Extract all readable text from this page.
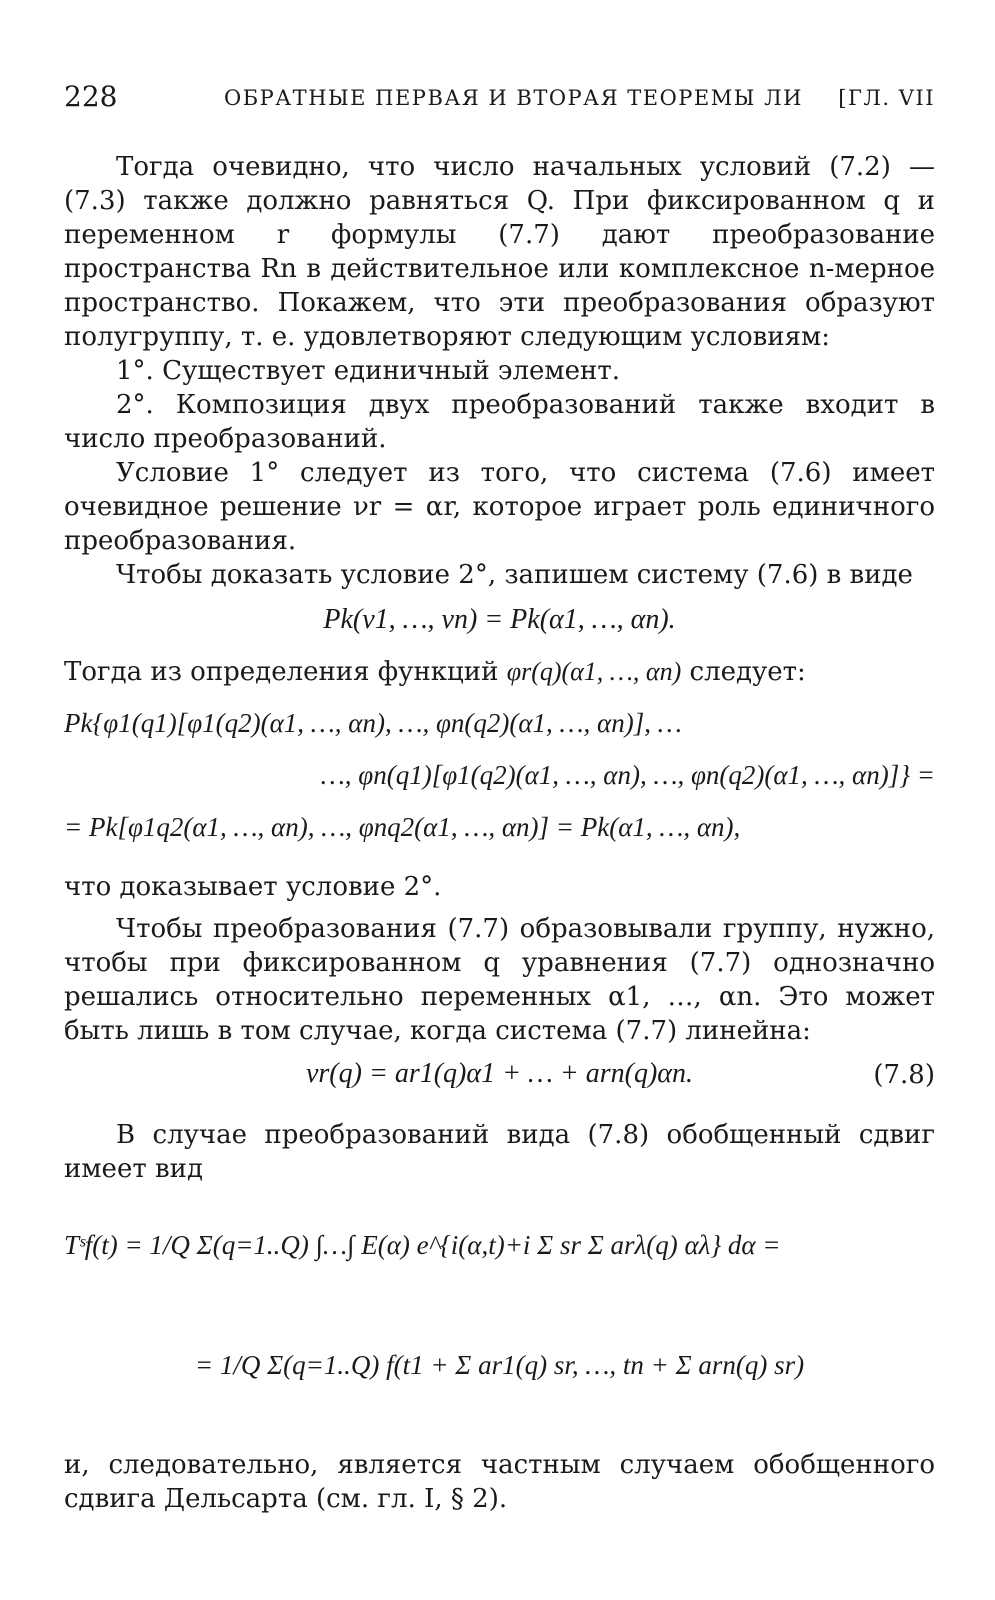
228	ОБРАТНЫЕ ПЕРВАЯ И ВТОРАЯ ТЕОРЕМЫ ЛИ [ГЛ. VII

Тогда очевидно, что число начальных условий (7.2) — (7.3) также должно равняться Q. При фиксированном q и переменном r формулы (7.7) дают преобразование пространства Rn в действительное или комплексное n-мерное пространство. Покажем, что эти преобразования образуют полугруппу, т. е. удовлетворяют следующим условиям:

1°. Существует единичный элемент.

2°. Композиция двух преобразований также входит в число преобразований.

Условие 1° следует из того, что система (7.6) имеет очевидное решение νr = αr, которое играет роль единичного преобразования.

Чтобы доказать условие 2°, запишем систему (7.6) в виде

Pk(ν1, …, νn) = Pk(α1, …, αn).

Тогда из определения функций φr(q)(α1, …, αn) следует:

Pk{φ1(q1)[φ1(q2)(α1, …, αn), …, φn(q2)(α1, …, αn)], …
…, φn(q1)[φ1(q2)(α1, …, αn), …, φn(q2)(α1, …, αn)]} =
= Pk[φ1q2(α1, …, αn), …, φnq2(α1, …, αn)] = Pk(α1, …, αn),

что доказывает условие 2°.

Чтобы преобразования (7.7) образовывали группу, нужно, чтобы при фиксированном q уравнения (7.7) однозначно решались относительно переменных α1, …, αn. Это может быть лишь в том случае, когда система (7.7) линейна:

νr(q) = ar1(q)α1 + … + arn(q)αn.	(7.8)

В случае преобразований вида (7.8) обобщенный сдвиг имеет вид

Tˢf(t) = 1/Q Σ(q=1..Q) ∫…∫ E(α) e^{i(α,t)+i Σ sr Σ arλ(q) αλ} dα =
= 1/Q Σ(q=1..Q) f(t1 + Σ ar1(q) sr, …, tn + Σ arn(q) sr)

и, следовательно, является частным случаем обобщенного сдвига Дельсарта (см. гл. I, § 2).
